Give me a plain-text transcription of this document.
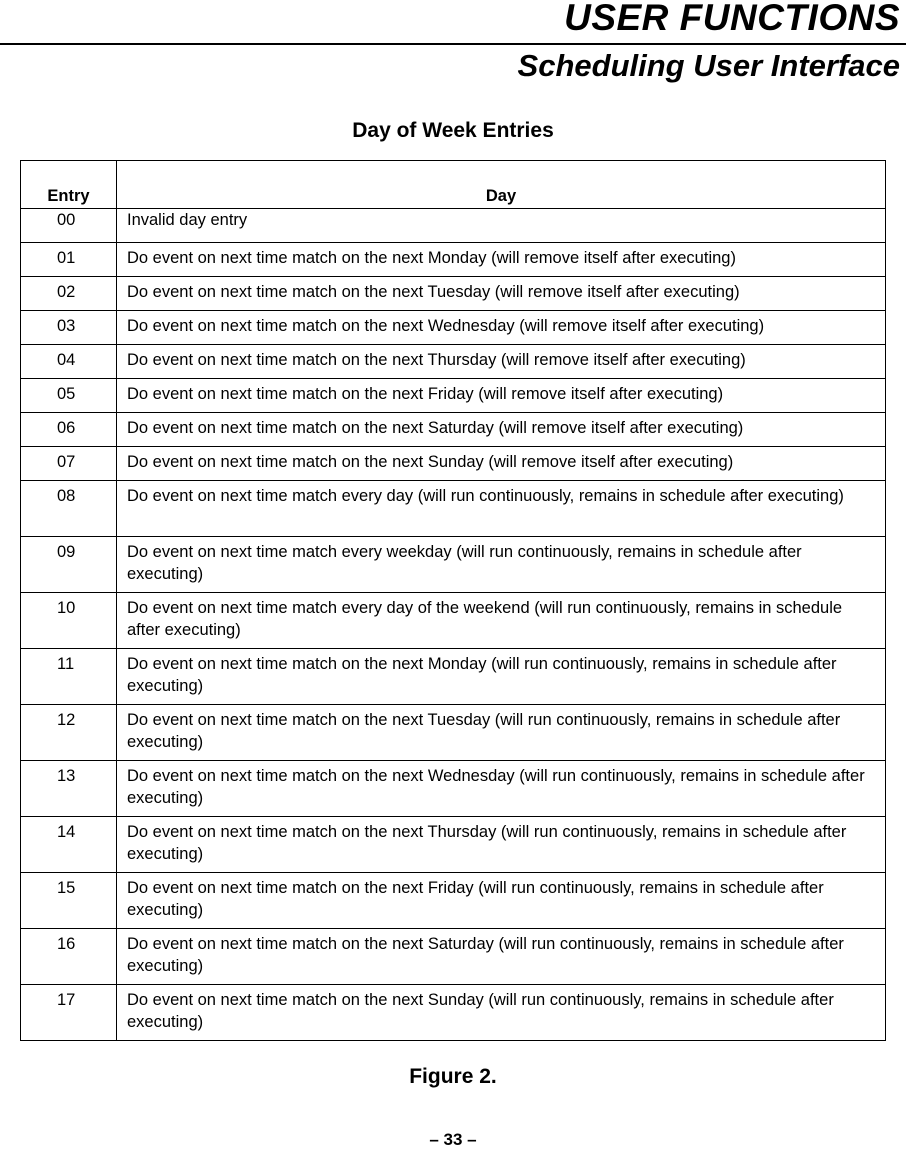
USER FUNCTIONS
Scheduling User Interface
Day of Week Entries
Entry	Day
00	Invalid day entry
01	Do event on next time match on the next Monday (will remove itself after executing)
02	Do event on next time match on the next Tuesday (will remove itself after executing)
03	Do event on next time match on the next Wednesday (will remove itself after executing)
04	Do event on next time match on the next Thursday (will remove itself after executing)
05	Do event on next time match on the next Friday (will remove itself after executing)
06	Do event on next time match on the next Saturday (will remove itself after executing)
07	Do event on next time match on the next Sunday (will remove itself after executing)
08	Do event on next time match every day (will run continuously, remains in schedule after executing)
09	Do event on next time match every weekday (will run continuously, remains in schedule after executing)
10	Do event on next time match every day of the weekend (will run continuously, remains in schedule after executing)
11	Do event on next time match on the next Monday (will run continuously, remains in schedule after executing)
12	Do event on next time match on the next Tuesday (will run continuously, remains in schedule after executing)
13	Do event on next time match on the next Wednesday (will run continuously, remains in schedule after executing)
14	Do event on next time match on the next Thursday (will run continuously, remains in schedule after executing)
15	Do event on next time match on the next Friday (will run continuously, remains in schedule after executing)
16	Do event on next time match on the next Saturday (will run continuously, remains in schedule after executing)
17	Do event on next time match on the next Sunday (will run continuously, remains in schedule after executing)

Figure 2.

– 33 –
